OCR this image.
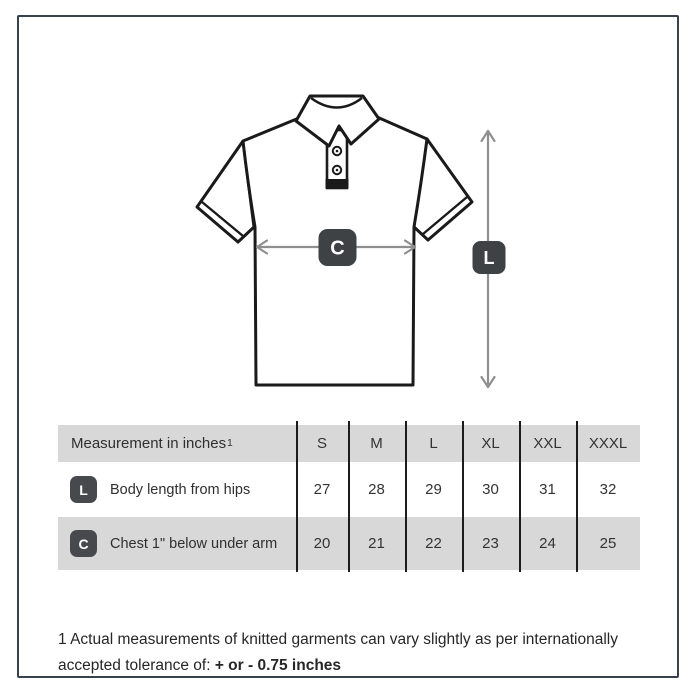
C	L
Measurement in inches 1	S	M	L	XL	XXL	XXXL
L	Body length from hips	27	28	29	30	31	32
C	Chest 1" below under arm	20	21	22	23	24	25

1 Actual measurements of knitted garments can vary slightly as per internationally accepted tolerance of: + or - 0.75 inches
